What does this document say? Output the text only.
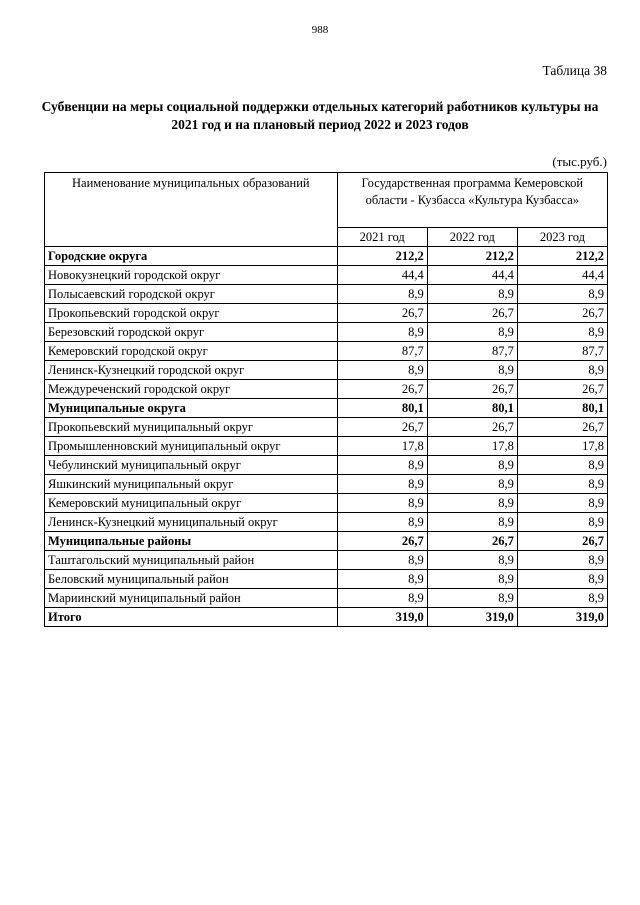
988
Таблица 38
Субвенции на меры социальной поддержки отдельных категорий работников культуры на 2021 год и на плановый период 2022 и 2023 годов
(тыс.руб.)
Наименование муниципальных образований	Государственная программа Кемеровской области - Кузбасса «Культура Кузбасса»		
	2021 год	2022 год	2023 год
Городские округа	212,2	212,2	212,2
Новокузнецкий городской округ	44,4	44,4	44,4
Полысаевский городской округ	8,9	8,9	8,9
Прокопьевский городской округ	26,7	26,7	26,7
Березовский городской округ	8,9	8,9	8,9
Кемеровский городской округ	87,7	87,7	87,7
Ленинск-Кузнецкий городской округ	8,9	8,9	8,9
Междуреченский городской округ	26,7	26,7	26,7
Муниципальные округа	80,1	80,1	80,1
Прокопьевский муниципальный округ	26,7	26,7	26,7
Промышленновский муниципальный округ	17,8	17,8	17,8
Чебулинский муниципальный округ	8,9	8,9	8,9
Яшкинский муниципальный округ	8,9	8,9	8,9
Кемеровский муниципальный округ	8,9	8,9	8,9
Ленинск-Кузнецкий муниципальный округ	8,9	8,9	8,9
Муниципальные районы	26,7	26,7	26,7
Таштагольский муниципальный район	8,9	8,9	8,9
Беловский муниципальный район	8,9	8,9	8,9
Мариинский муниципальный район	8,9	8,9	8,9
Итого	319,0	319,0	319,0
